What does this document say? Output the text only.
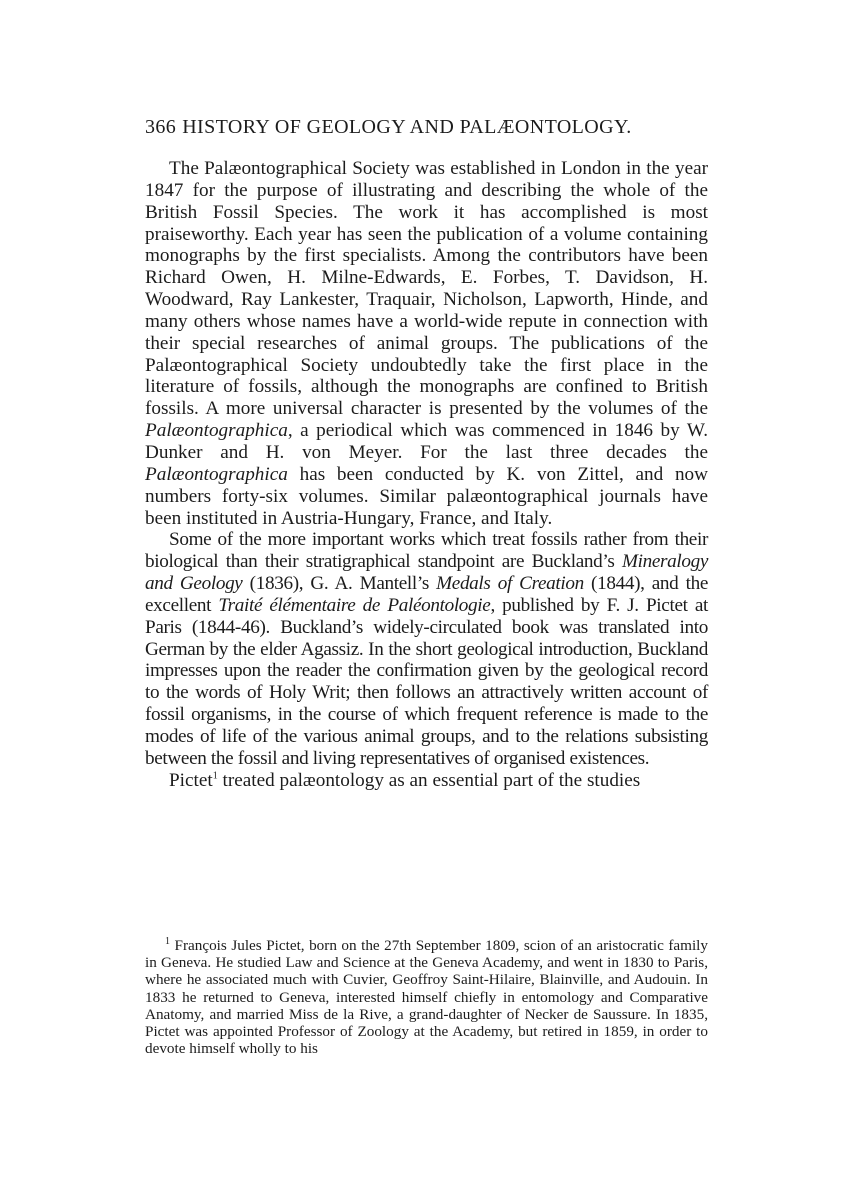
366 HISTORY OF GEOLOGY AND PALÆONTOLOGY.

The Palæontographical Society was established in London in the year 1847 for the purpose of illustrating and describing the whole of the British Fossil Species. The work it has accomplished is most praiseworthy. Each year has seen the publication of a volume containing monographs by the first specialists. Among the contributors have been Richard Owen, H. Milne-Edwards, E. Forbes, T. Davidson, H. Woodward, Ray Lankester, Traquair, Nicholson, Lapworth, Hinde, and many others whose names have a world-wide repute in connection with their special researches of animal groups. The publications of the Palæontographical Society undoubtedly take the first place in the literature of fossils, although the monographs are confined to British fossils. A more universal character is presented by the volumes of the Palæontographica, a periodical which was commenced in 1846 by W. Dunker and H. von Meyer. For the last three decades the Palæontographica has been conducted by K. von Zittel, and now numbers forty-six volumes. Similar palæontographical journals have been instituted in Austria-Hungary, France, and Italy.

Some of the more important works which treat fossils rather from their biological than their stratigraphical standpoint are Buckland’s Mineralogy and Geology (1836), G. A. Mantell’s Medals of Creation (1844), and the excellent Traité élémentaire de Paléontologie, published by F. J. Pictet at Paris (1844-46). Buckland’s widely-circulated book was translated into German by the elder Agassiz. In the short geological introduction, Buckland impresses upon the reader the confirmation given by the geological record to the words of Holy Writ; then follows an attractively written account of fossil organisms, in the course of which frequent reference is made to the modes of life of the various animal groups, and to the relations subsisting between the fossil and living representatives of organised existences.

Pictet$^1$ treated palæontology as an essential part of the studies

$^1$ François Jules Pictet, born on the 27th September 1809, scion of an aristocratic family in Geneva. He studied Law and Science at the Geneva Academy, and went in 1830 to Paris, where he associated much with Cuvier, Geoffroy Saint-Hilaire, Blainville, and Audouin. In 1833 he returned to Geneva, interested himself chiefly in entomology and Comparative Anatomy, and married Miss de la Rive, a grand-daughter of Necker de Saussure. In 1835, Pictet was appointed Professor of Zoology at the Academy, but retired in 1859, in order to devote himself wholly to his
